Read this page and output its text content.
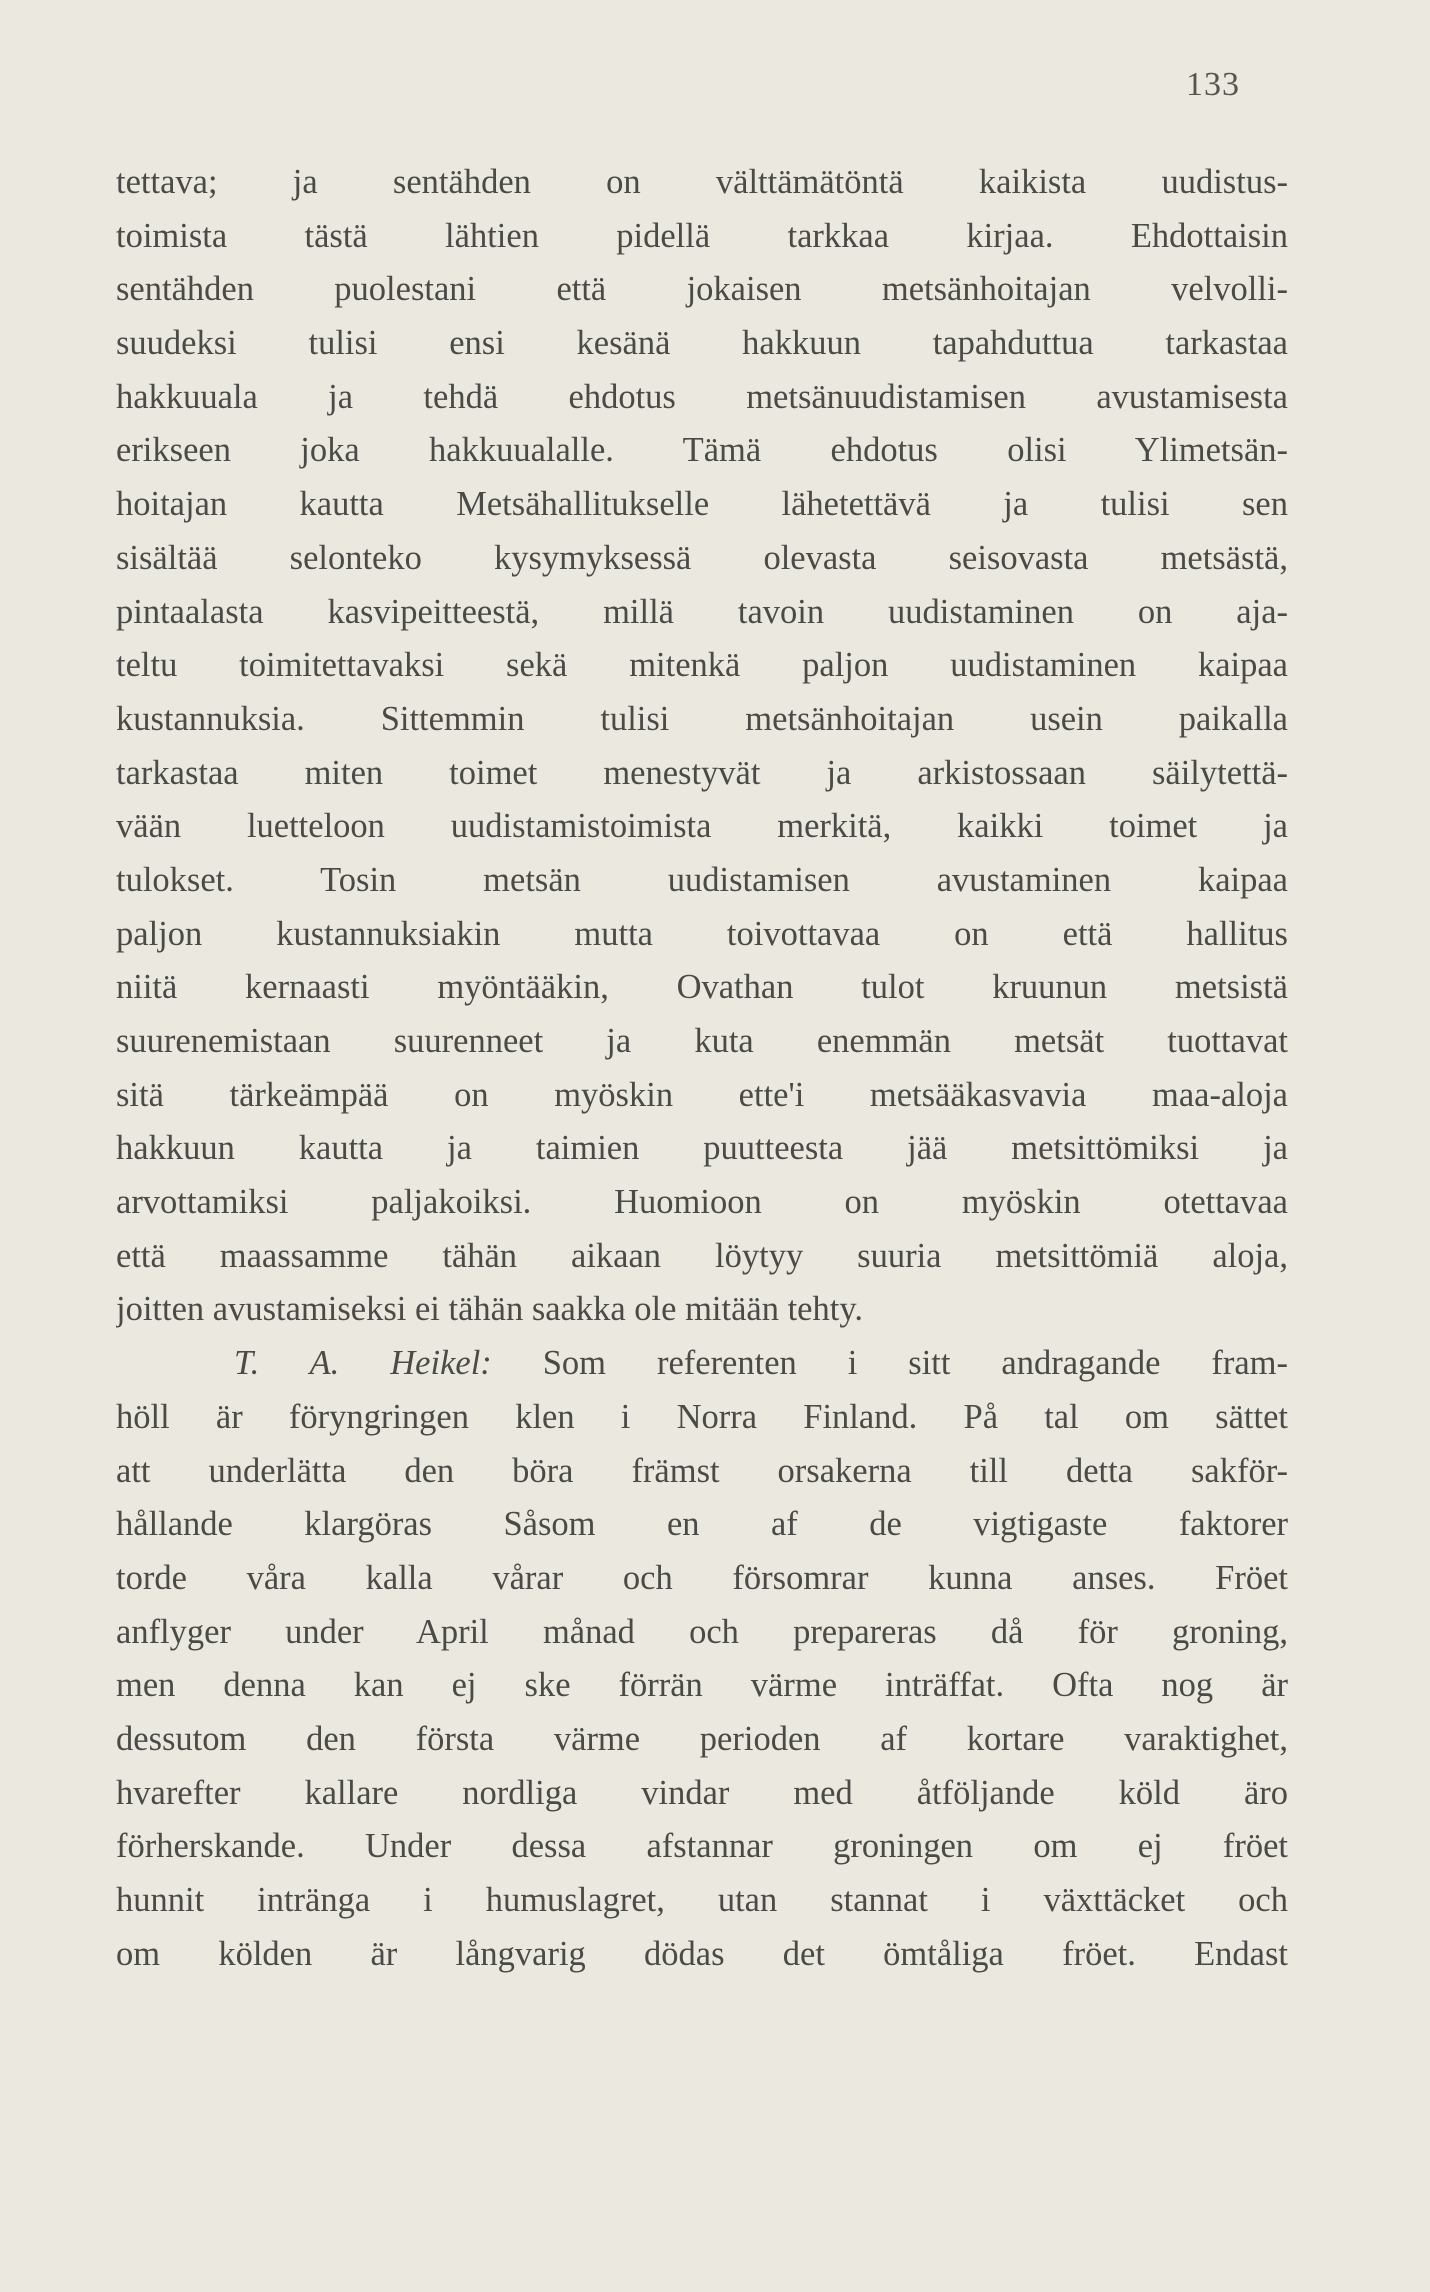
133
tettava; ja sentähden on välttämätöntä kaikista uudistus-
toimista tästä lähtien pidellä tarkkaa kirjaa. Ehdottaisin
sentähden puolestani että jokaisen metsänhoitajan velvolli-
suudeksi tulisi ensi kesänä hakkuun tapahduttua tarkastaa
hakkuuala ja tehdä ehdotus metsänuudistamisen avustamisesta
erikseen joka hakkuualalle. Tämä ehdotus olisi Ylimetsän-
hoitajan kautta Metsähallitukselle lähetettävä ja tulisi sen
sisältää selonteko kysymyksessä olevasta seisovasta metsästä,
pintaalasta kasvipeitteestä, millä tavoin uudistaminen on aja-
teltu toimitettavaksi sekä mitenkä paljon uudistaminen kaipaa
kustannuksia. Sittemmin tulisi metsänhoitajan usein paikalla
tarkastaa miten toimet menestyvät ja arkistossaan säilytettä-
vään luetteloon uudistamistoimista merkitä, kaikki toimet ja
tulokset. Tosin metsän uudistamisen avustaminen kaipaa
paljon kustannuksiakin mutta toivottavaa on että hallitus
niitä kernaasti myöntääkin, Ovathan tulot kruunun metsistä
suurenemistaan suurenneet ja kuta enemmän metsät tuottavat
sitä tärkeämpää on myöskin ette'i metsääkasvavia maa-aloja
hakkuun kautta ja taimien puutteesta jää metsittömiksi ja
arvottamiksi paljakoiksi. Huomioon on myöskin otettavaa
että maassamme tähän aikaan löytyy suuria metsittömiä aloja,
joitten avustamiseksi ei tähän saakka ole mitään tehty.
T. A. Heikel: Som referenten i sitt andragande fram-
höll är föryngringen klen i Norra Finland. På tal om sättet
att underlätta den böra främst orsakerna till detta sakför-
hållande klargöras Såsom en af de vigtigaste faktorer
torde våra kalla vårar och försomrar kunna anses. Fröet
anflyger under April månad och prepareras då för groning,
men denna kan ej ske förrän värme inträffat. Ofta nog är
dessutom den första värme perioden af kortare varaktighet,
hvarefter kallare nordliga vindar med åtföljande köld äro
förherskande. Under dessa afstannar groningen om ej fröet
hunnit intränga i humuslagret, utan stannat i växttäcket och
om kölden är långvarig dödas det ömtåliga fröet. Endast
